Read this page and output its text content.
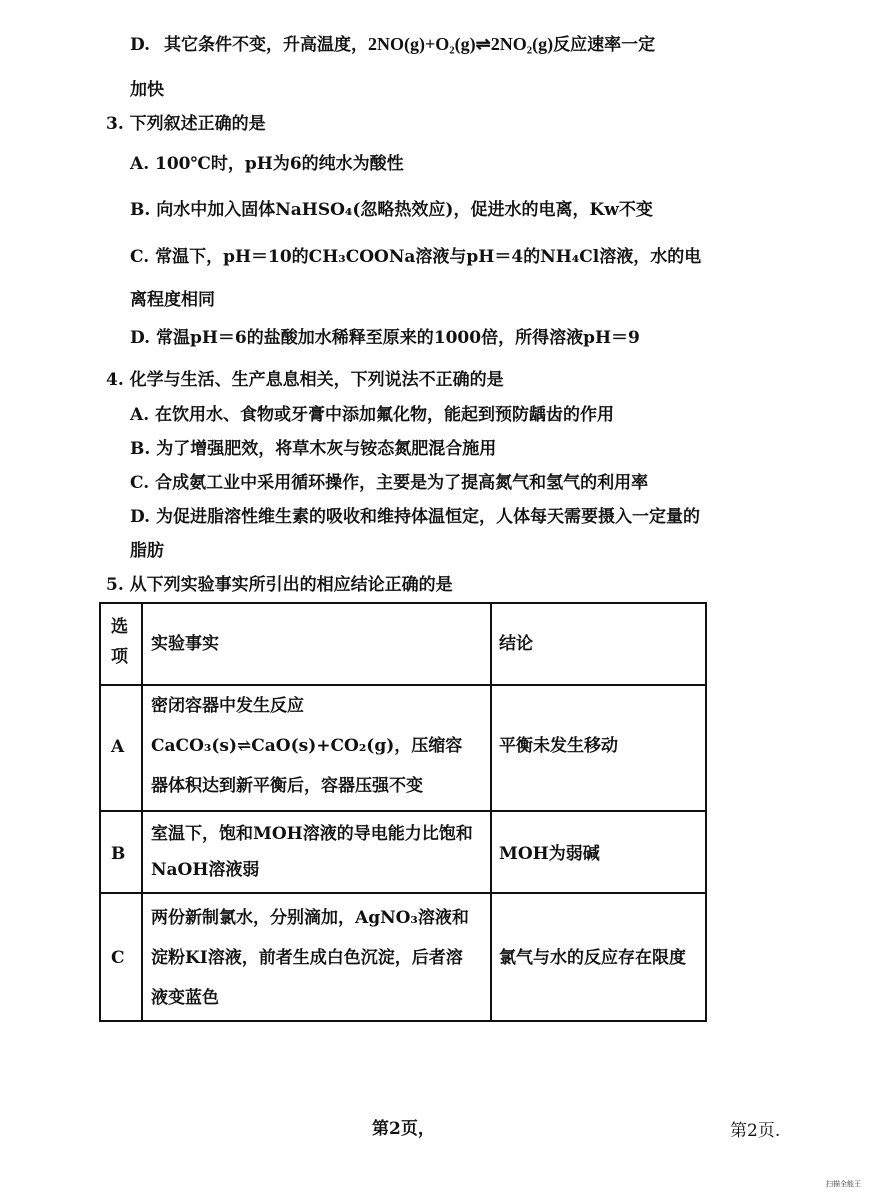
D. 其它条件不变，升高温度，2NO(g)+O₂(g)⇌2NO₂(g)反应速率一定
加快
3. 下列叙述正确的是
A. 100℃时，pH为6的纯水为酸性
B. 向水中加入固体NaHSO₄(忽略热效应)，促进水的电离，Kw不变
C. 常温下，pH＝10的CH₃COONa溶液与pH＝4的NH₄Cl溶液，水的电
离程度相同
D. 常温pH＝6的盐酸加水稀释至原来的1000倍，所得溶液pH＝9
4. 化学与生活、生产息息相关，下列说法不正确的是
A. 在饮用水、食物或牙膏中添加氟化物，能起到预防龋齿的作用
B. 为了增强肥效，将草木灰与铵态氮肥混合施用
C. 合成氨工业中采用循环操作，主要是为了提高氮气和氢气的利用率
D. 为促进脂溶性维生素的吸收和维持体温恒定，人体每天需要摄入一定量的
脂肪
5. 从下列实验事实所引出的相应结论正确的是
选
项
实验事实	结论
A
密闭容器中发生反应
CaCO₃(s)⇌CaO(s)+CO₂(g)，压缩容
器体积达到新平衡后，容器压强不变
平衡未发生移动
B
室温下，饱和MOH溶液的导电能力比饱和
NaOH溶液弱
MOH为弱碱
C
两份新制氯水，分别滴加，AgNO₃溶液和
淀粉KI溶液，前者生成白色沉淀，后者溶
液变蓝色
氯气与水的反应存在限度
第2页，	第2页.
扫描全能王
